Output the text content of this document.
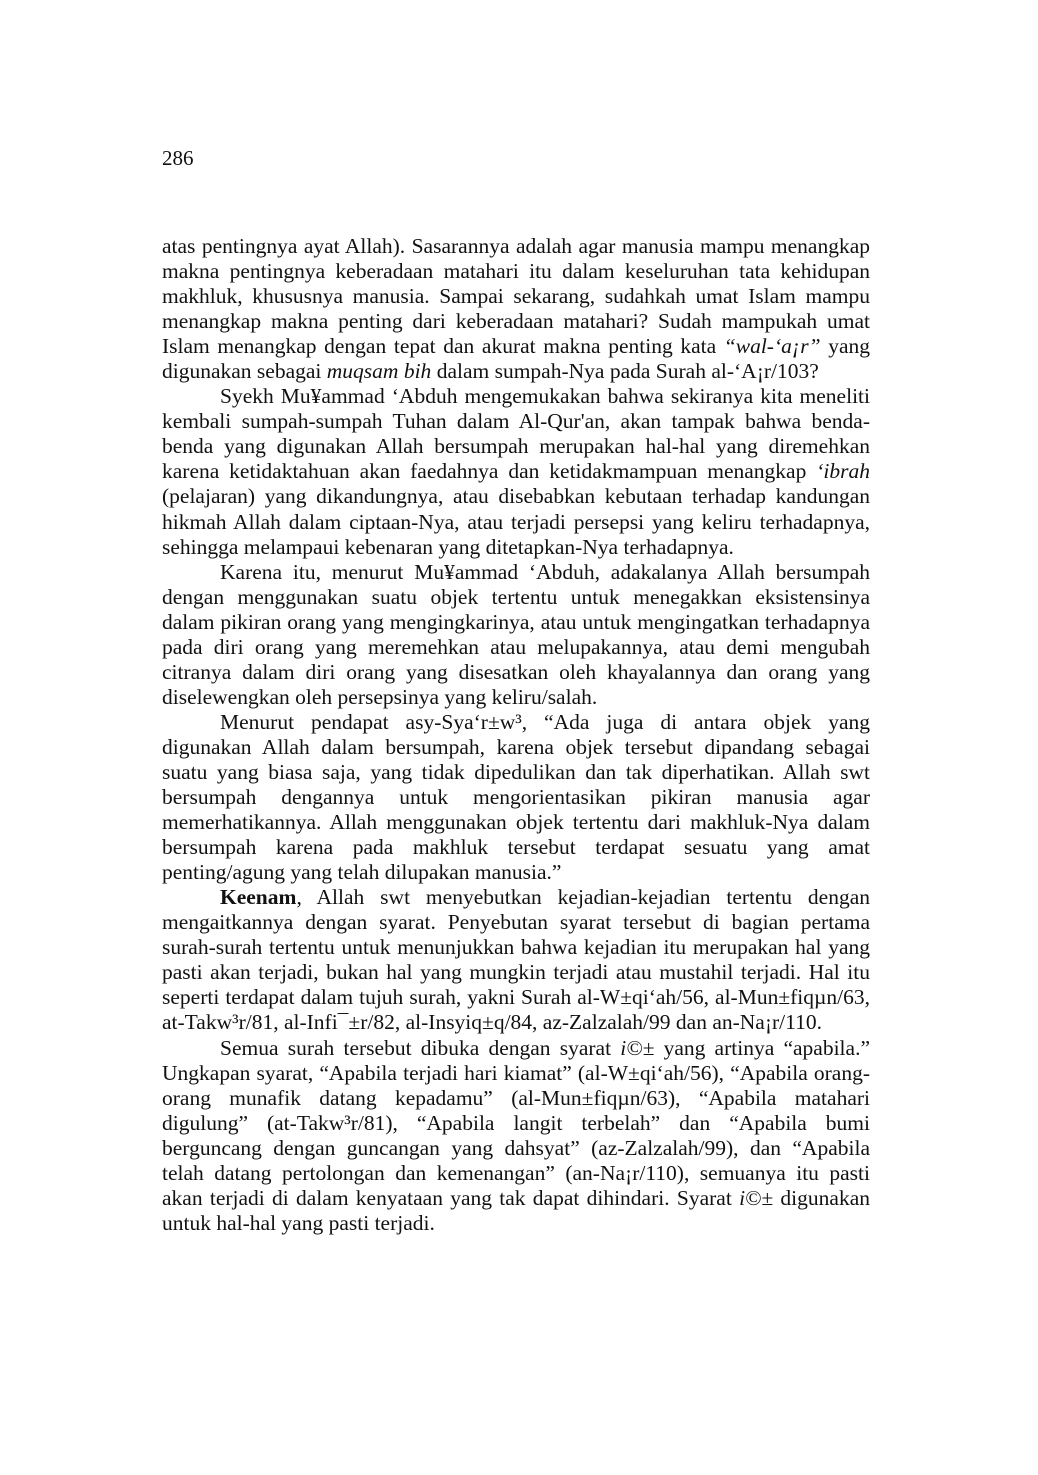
286

atas pentingnya ayat Allah). Sasarannya adalah agar manusia mampu menangkap makna pentingnya keberadaan matahari itu dalam keseluruhan tata kehidupan makhluk, khususnya manusia. Sampai sekarang, sudahkah umat Islam mampu menangkap makna penting dari keberadaan matahari? Sudah mampukah umat Islam menangkap dengan tepat dan akurat makna penting kata “wal-‘a¡r” yang digunakan sebagai muqsam bih dalam sumpah-Nya pada Surah al-‘A¡r/103?

Syekh Mu¥ammad ‘Abduh mengemukakan bahwa sekiranya kita meneliti kembali sumpah-sumpah Tuhan dalam Al-Qur'an, akan tampak bahwa benda-benda yang digunakan Allah bersumpah merupakan hal-hal yang diremehkan karena ketidaktahuan akan faedahnya dan ketidakmampuan menangkap ‘ibrah (pelajaran) yang dikandungnya, atau disebabkan kebutaan terhadap kandungan hikmah Allah dalam ciptaan-Nya, atau terjadi persepsi yang keliru terhadapnya, sehingga melampaui kebenaran yang ditetapkan-Nya terhadapnya.

Karena itu, menurut Mu¥ammad ‘Abduh, adakalanya Allah bersumpah dengan menggunakan suatu objek tertentu untuk menegakkan eksistensinya dalam pikiran orang yang mengingkarinya, atau untuk mengingatkan terhadapnya pada diri orang yang meremehkan atau melupakannya, atau demi mengubah citranya dalam diri orang yang disesatkan oleh khayalannya dan orang yang diselewengkan oleh persepsinya yang keliru/salah.

Menurut pendapat asy-Sya‘r±w³, “Ada juga di antara objek yang digunakan Allah dalam bersumpah, karena objek tersebut dipandang sebagai suatu yang biasa saja, yang tidak dipedulikan dan tak diperhatikan. Allah swt bersumpah dengannya untuk mengorientasikan pikiran manusia agar memerhatikannya. Allah menggunakan objek tertentu dari makhluk-Nya dalam bersumpah karena pada makhluk tersebut terdapat sesuatu yang amat penting/agung yang telah dilupakan manusia.”

Keenam, Allah swt menyebutkan kejadian-kejadian tertentu dengan mengaitkannya dengan syarat. Penyebutan syarat tersebut di bagian pertama surah-surah tertentu untuk menunjukkan bahwa kejadian itu merupakan hal yang pasti akan terjadi, bukan hal yang mungkin terjadi atau mustahil terjadi. Hal itu seperti terdapat dalam tujuh surah, yakni Surah al-W±qi‘ah/56, al-Mun±fiqµn/63, at-Takw³r/81, al-Infi¯±r/82, al-Insyiq±q/84, az-Zalzalah/99 dan an-Na¡r/110.

Semua surah tersebut dibuka dengan syarat i©± yang artinya “apabila.” Ungkapan syarat, “Apabila terjadi hari kiamat” (al-W±qi‘ah/56), “Apabila orang-orang munafik datang kepadamu” (al-Mun±fiqµn/63), “Apabila matahari digulung” (at-Takw³r/81), “Apabila langit terbelah” dan “Apabila bumi berguncang dengan guncangan yang dahsyat” (az-Zalzalah/99), dan “Apabila telah datang pertolongan dan kemenangan” (an-Na¡r/110), semuanya itu pasti akan terjadi di dalam kenyataan yang tak dapat dihindari. Syarat i©± digunakan untuk hal-hal yang pasti terjadi.
